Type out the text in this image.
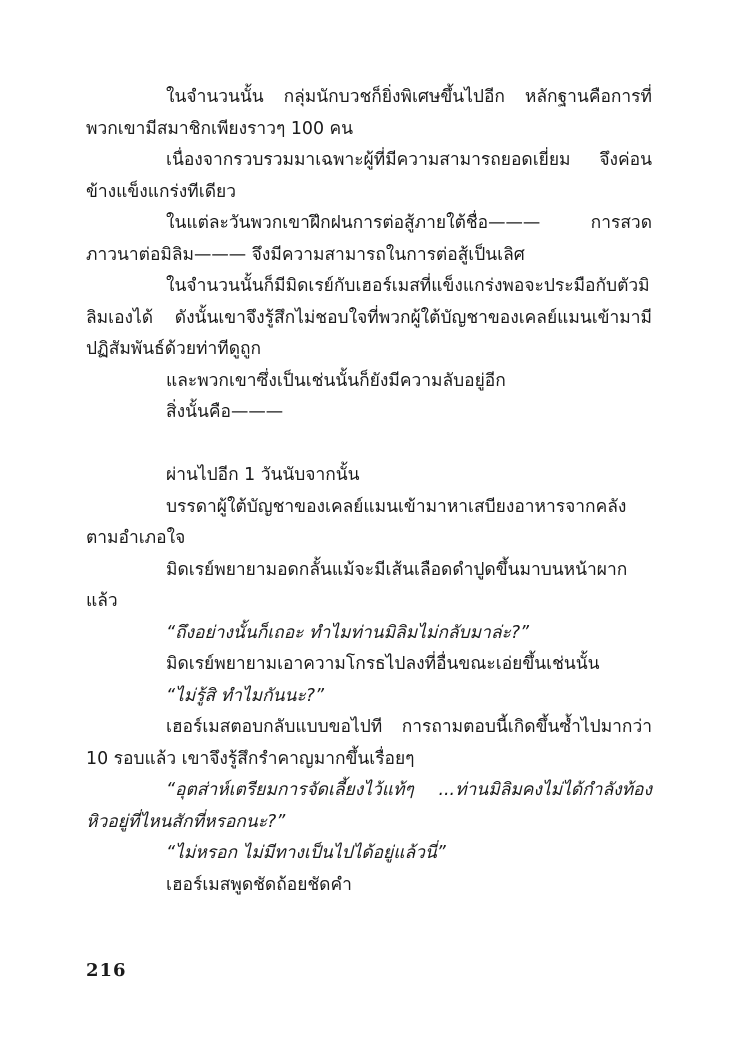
ในจำนวนนั้น กลุ่มนักบวชก็ยิ่งพิเศษขึ้นไปอีก หลักฐานคือการที่พวกเขามีสมาชิกเพียงราวๆ 100 คน

เนื่องจากรวบรวมมาเฉพาะผู้ที่มีความสามารถยอดเยี่ยม จึงค่อนข้างแข็งแกร่งทีเดียว

ในแต่ละวันพวกเขาฝึกฝนการต่อสู้ภายใต้ชื่อ——— การสวดภาวนาต่อมิลิม——— จึงมีความสามารถในการต่อสู้เป็นเลิศ

ในจำนวนนั้นก็มีมิดเรย์กับเฮอร์เมสที่แข็งแกร่งพอจะประมือกับตัวมิลิมเองได้ ดังนั้นเขาจึงรู้สึกไม่ชอบใจที่พวกผู้ใต้บัญชาของเคลย์แมนเข้ามามีปฏิสัมพันธ์ด้วยท่าทีดูถูก

และพวกเขาซึ่งเป็นเช่นนั้นก็ยังมีความลับอยู่อีก

สิ่งนั้นคือ———

ผ่านไปอีก 1 วันนับจากนั้น

บรรดาผู้ใต้บัญชาของเคลย์แมนเข้ามาหาเสบียงอาหารจากคลังตามอำเภอใจ

มิดเรย์พยายามอดกลั้นแม้จะมีเส้นเลือดดำปูดขึ้นมาบนหน้าผากแล้ว

“ถึงอย่างนั้นก็เถอะ ทำไมท่านมิลิมไม่กลับมาล่ะ?”

มิดเรย์พยายามเอาความโกรธไปลงที่อื่นขณะเอ่ยขึ้นเช่นนั้น

“ไม่รู้สิ ทำไมกันนะ?”

เฮอร์เมสตอบกลับแบบขอไปที การถามตอบนี้เกิดขึ้นซ้ำไปมากว่า 10 รอบแล้ว เขาจึงรู้สึกรำคาญมากขึ้นเรื่อยๆ

“อุตส่าห์เตรียมการจัดเลี้ยงไว้แท้ๆ ...ท่านมิลิมคงไม่ได้กำลังท้องหิวอยู่ที่ไหนสักที่หรอกนะ?”

“ไม่หรอก ไม่มีทางเป็นไปได้อยู่แล้วนี่”

เฮอร์เมสพูดชัดถ้อยชัดคำ

216
